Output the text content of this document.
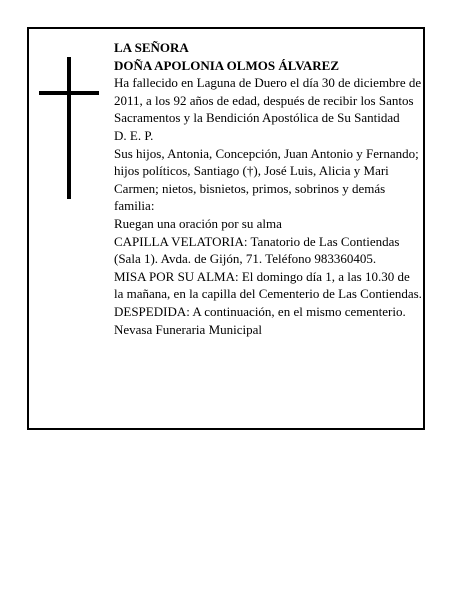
LA SEÑORA

DOÑA APOLONIA OLMOS ÁLVAREZ

Ha fallecido en Laguna de Duero el día 30 de diciembre de 2011, a los 92 años de edad, después de recibir los Santos Sacramentos y la Bendición Apostólica de Su Santidad

D. E. P.

Sus hijos, Antonia, Concepción, Juan Antonio y Fernando; hijos políticos, Santiago (†), José Luis, Alicia y Mari Carmen; nietos, bisnietos, primos, sobrinos y demás familia:

Ruegan una oración por su alma

CAPILLA VELATORIA: Tanatorio de Las Contiendas (Sala 1). Avda. de Gijón, 71. Teléfono 983360405.

MISA POR SU ALMA: El domingo día 1, a las 10.30 de la mañana, en la capilla del Cementerio de Las Contiendas.

DESPEDIDA: A continuación, en el mismo cementerio.

Nevasa Funeraria Municipal
